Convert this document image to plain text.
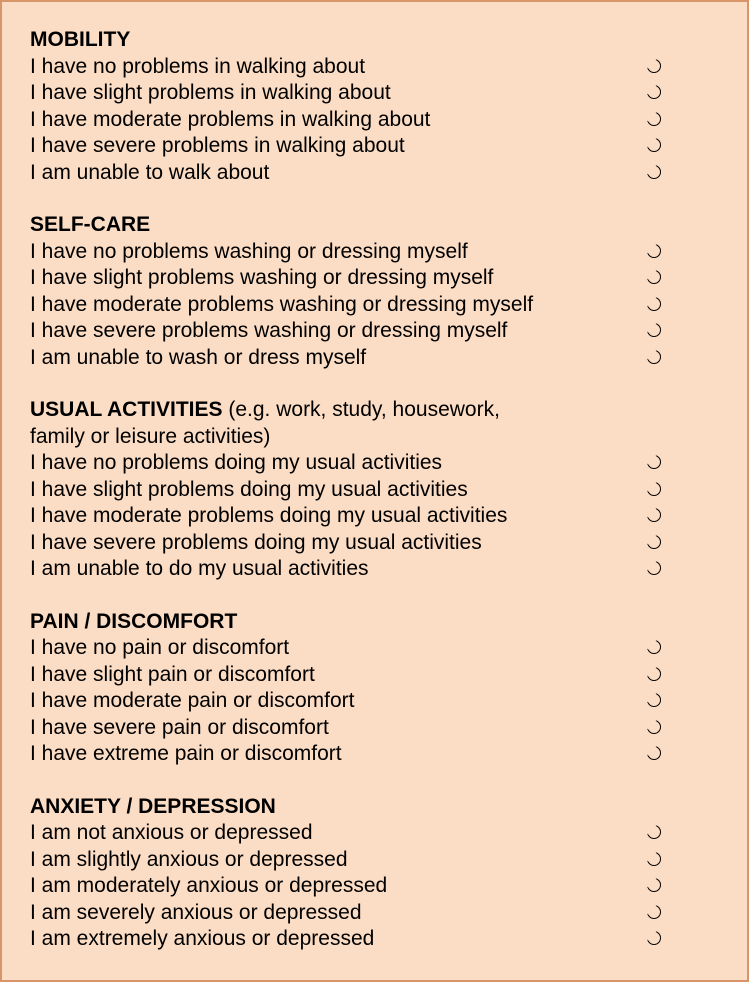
MOBILITY
I have no problems in walking about
I have slight problems in walking about
I have moderate problems in walking about
I have severe problems in walking about
I am unable to walk about
SELF-CARE
I have no problems washing or dressing myself
I have slight problems washing or dressing myself
I have moderate problems washing or dressing myself
I have severe problems washing or dressing myself
I am unable to wash or dress myself
USUAL ACTIVITIES (e.g. work, study, housework,
family or leisure activities)
I have no problems doing my usual activities
I have slight problems doing my usual activities
I have moderate problems doing my usual activities
I have severe problems doing my usual activities
I am unable to do my usual activities
PAIN / DISCOMFORT
I have no pain or discomfort
I have slight pain or discomfort
I have moderate pain or discomfort
I have severe pain or discomfort
I have extreme pain or discomfort
ANXIETY / DEPRESSION
I am not anxious or depressed
I am slightly anxious or depressed
I am moderately anxious or depressed
I am severely anxious or depressed
I am extremely anxious or depressed
